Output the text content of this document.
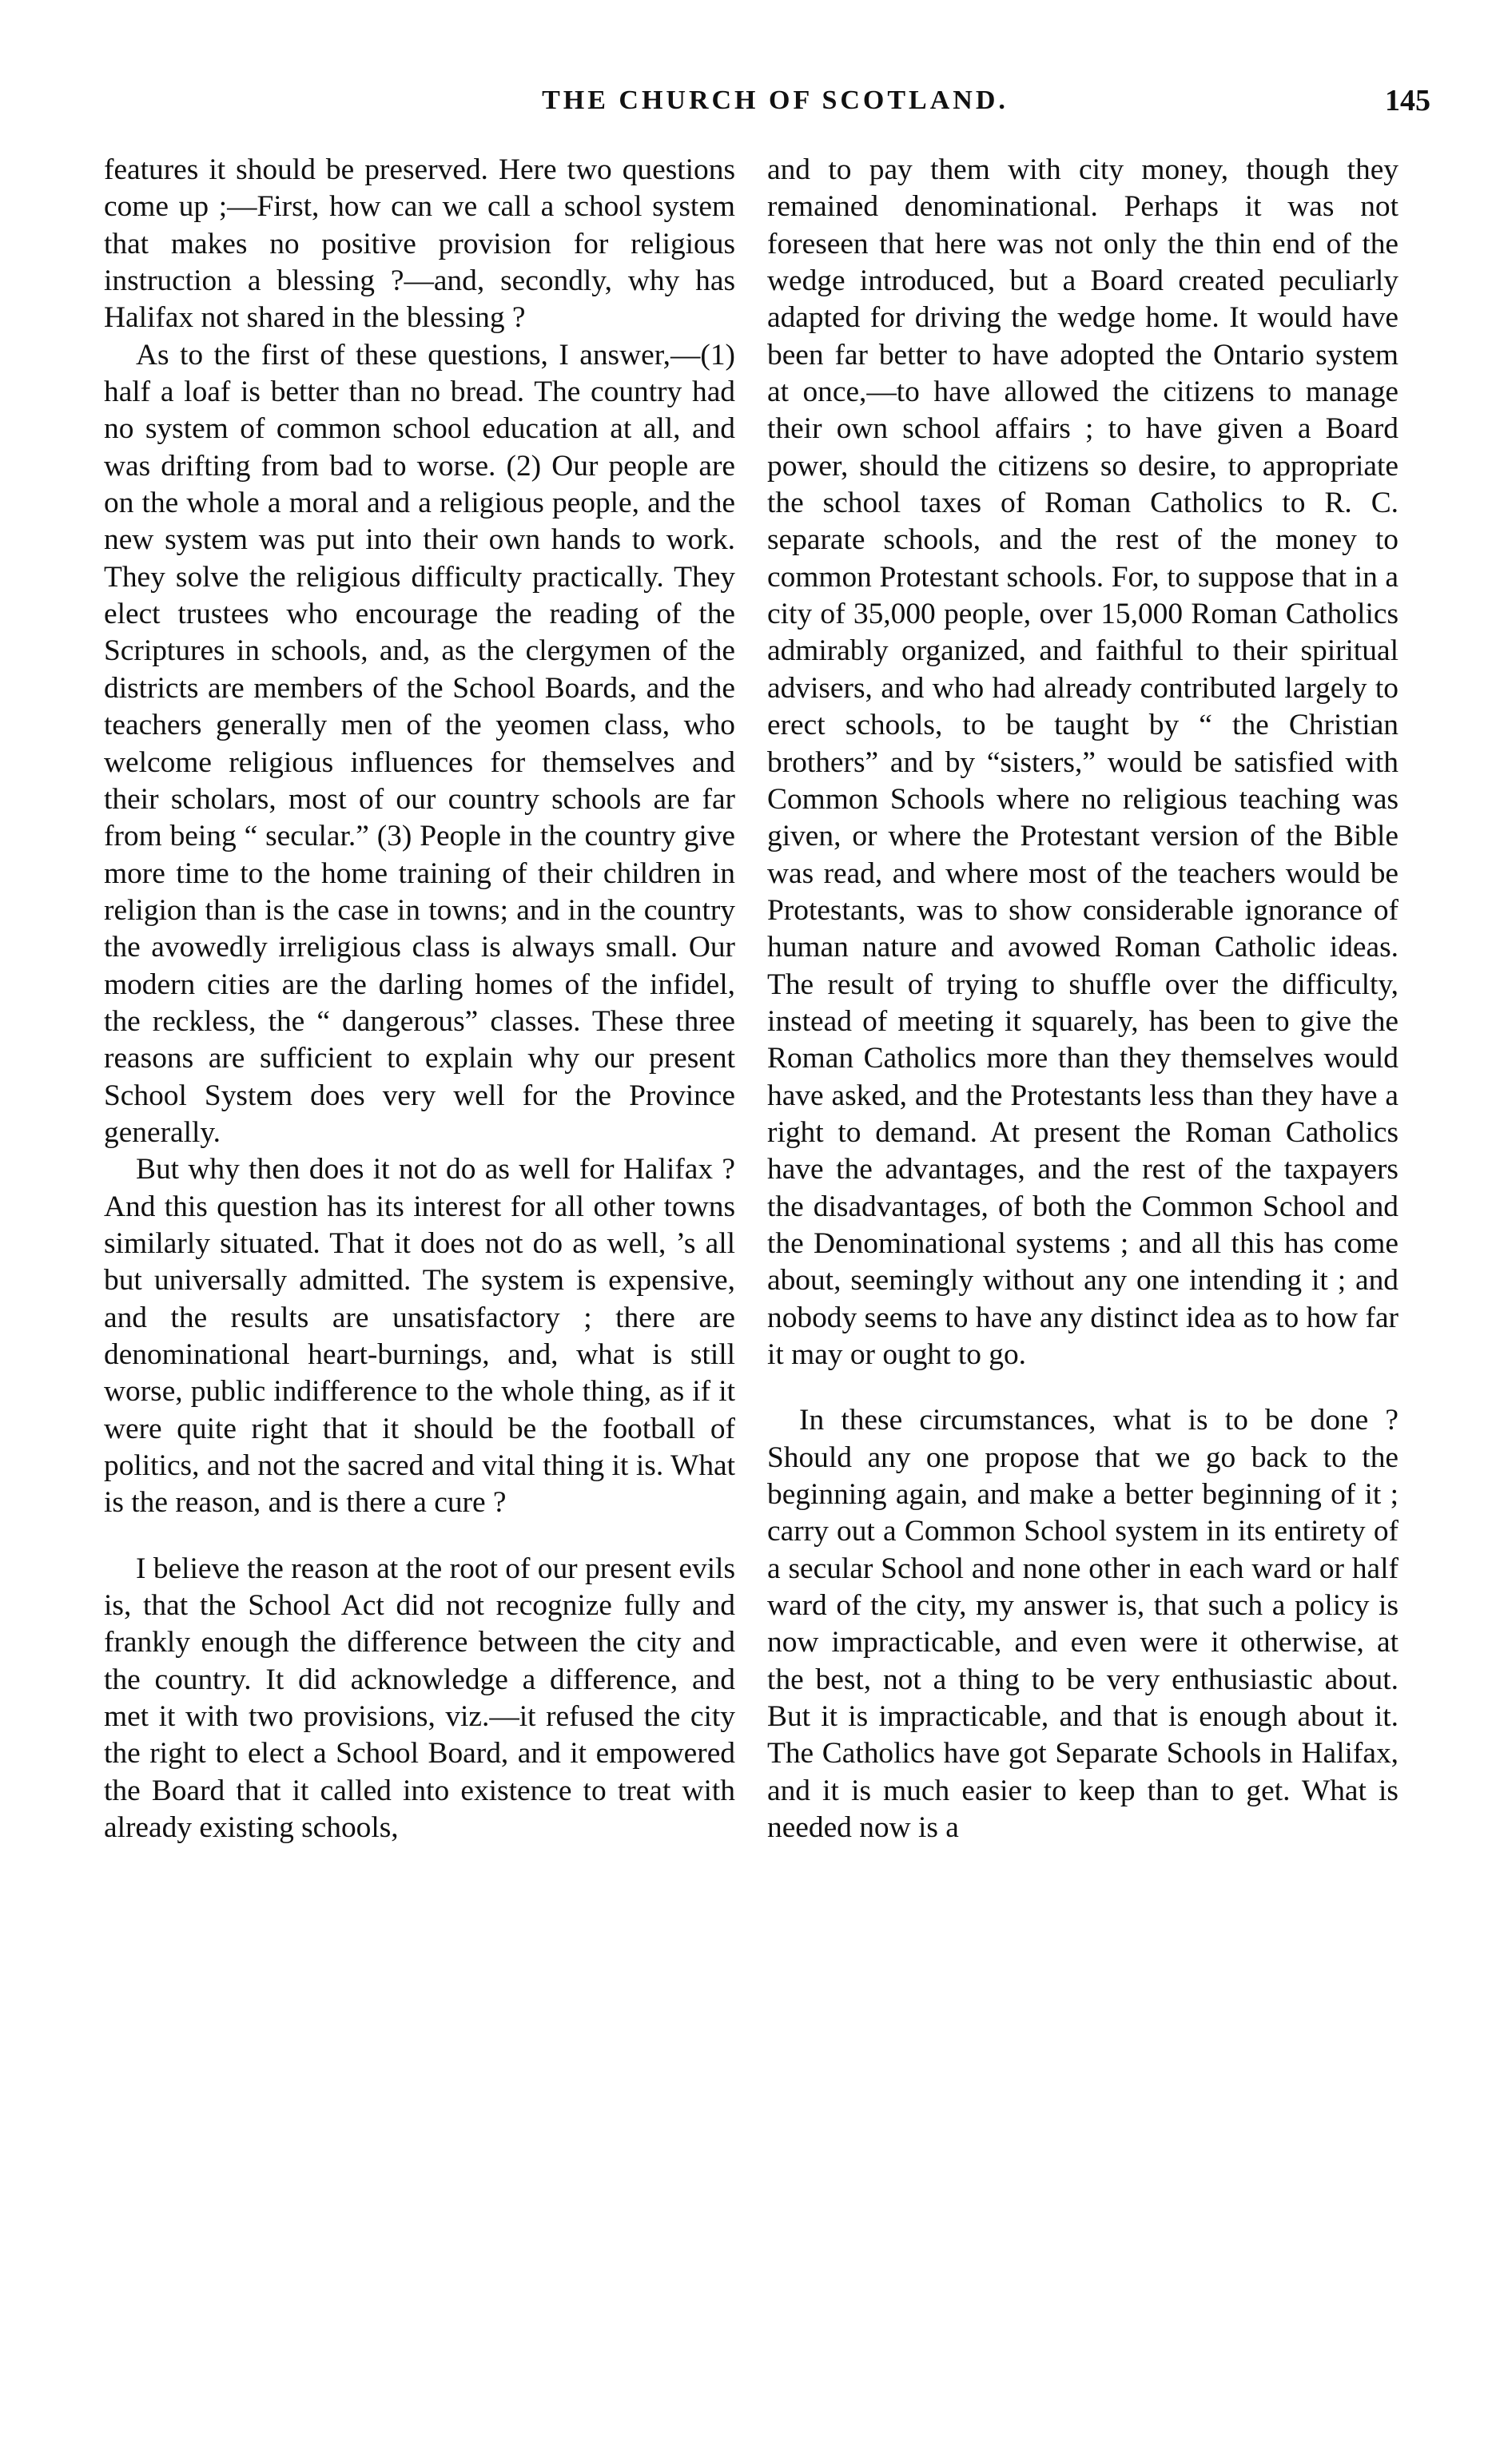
THE CHURCH OF SCOTLAND.	145

features it should be preserved. Here two questions come up ;—First, how can we call a school system that makes no positive provision for religious instruction a blessing ?—and, secondly, why has Halifax not shared in the blessing ?

As to the first of these questions, I answer,—(1) half a loaf is better than no bread. The country had no system of common school education at all, and was drifting from bad to worse. (2) Our people are on the whole a moral and a religious people, and the new system was put into their own hands to work. They solve the religious difficulty practically. They elect trustees who encourage the reading of the Scriptures in schools, and, as the clergymen of the districts are members of the School Boards, and the teachers generally men of the yeomen class, who welcome religious influences for themselves and their scholars, most of our country schools are far from being “ secular.” (3) People in the country give more time to the home training of their children in religion than is the case in towns; and in the country the avowedly irreligious class is always small. Our modern cities are the darling homes of the infidel, the reckless, the “ dangerous” classes. These three reasons are sufficient to explain why our present School System does very well for the Province generally.

But why then does it not do as well for Halifax ? And this question has its interest for all other towns similarly situated. That it does not do as well, ’s all but universally admitted. The system is expensive, and the results are unsatisfactory ; there are denominational heart-burnings, and, what is still worse, public indifference to the whole thing, as if it were quite right that it should be the football of politics, and not the sacred and vital thing it is. What is the reason, and is there a cure ?

I believe the reason at the root of our present evils is, that the School Act did not recognize fully and frankly enough the difference between the city and the country. It did acknowledge a difference, and met it with two provisions, viz.—it refused the city the right to elect a School Board, and it empowered the Board that it called into existence to treat with already existing schools,

and to pay them with city money, though they remained denominational. Perhaps it was not foreseen that here was not only the thin end of the wedge introduced, but a Board created peculiarly adapted for driving the wedge home. It would have been far better to have adopted the Ontario system at once,—to have allowed the citizens to manage their own school affairs ; to have given a Board power, should the citizens so desire, to appropriate the school taxes of Roman Catholics to R. C. separate schools, and the rest of the money to common Protestant schools. For, to suppose that in a city of 35,000 people, over 15,000 Roman Catholics admirably organized, and faithful to their spiritual advisers, and who had already contributed largely to erect schools, to be taught by “ the Christian brothers” and by “sisters,” would be satisfied with Common Schools where no religious teaching was given, or where the Protestant version of the Bible was read, and where most of the teachers would be Protestants, was to show considerable ignorance of human nature and avowed Roman Catholic ideas. The result of trying to shuffle over the difficulty, instead of meeting it squarely, has been to give the Roman Catholics more than they themselves would have asked, and the Protestants less than they have a right to demand. At present the Roman Catholics have the advantages, and the rest of the taxpayers the disadvantages, of both the Common School and the Denominational systems ; and all this has come about, seemingly without any one intending it ; and nobody seems to have any distinct idea as to how far it may or ought to go.

In these circumstances, what is to be done ? Should any one propose that we go back to the beginning again, and make a better beginning of it ; carry out a Common School system in its entirety of a secular School and none other in each ward or half ward of the city, my answer is, that such a policy is now impracticable, and even were it otherwise, at the best, not a thing to be very enthusiastic about. But it is impracticable, and that is enough about it. The Catholics have got Separate Schools in Halifax, and it is much easier to keep than to get. What is needed now is a
